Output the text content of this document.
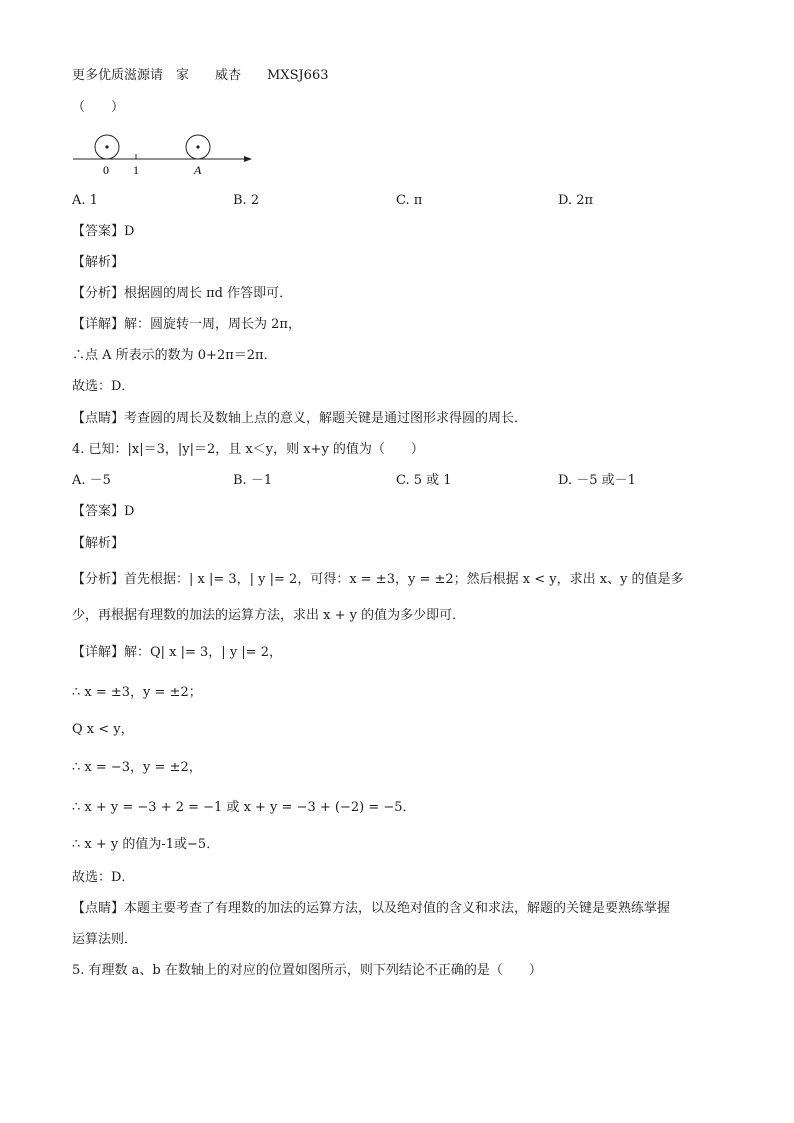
更多优质滋源请　家　　威杏　　MXSJ663
（　　）
0 1	A
A. 1	B. 2	C. π	D. 2π
【答案】D
【解析】
【分析】根据圆的周长 πd 作答即可．
【详解】解：圆旋转一周，周长为 2π，
∴点 A 所表示的数为 0+2π＝2π．
故选：D．
【点睛】考查圆的周长及数轴上点的意义，解题关键是通过图形求得圆的周长．
4. 已知：|x|＝3，|y|＝2，且 x＜y，则 x+y 的值为（　　）
A. －5	B. －1	C. 5 或 1	D. －5 或－1
【答案】D
【解析】
【分析】首先根据：| x |= 3，| y |= 2，可得：x = ±3，y = ±2；然后根据 x < y，求出 x、y 的值是多
少，再根据有理数的加法的运算方法，求出 x + y 的值为多少即可．
【详解】解：Q| x |= 3，| y |= 2，
∴ x = ±3，y = ±2；
Q x < y，
∴ x = −3，y = ±2，
∴ x + y = −3 + 2 = −1 或 x + y = −3 + (−2) = −5．
∴ x + y 的值为-1或−5．
故选：D．
【点睛】本题主要考查了有理数的加法的运算方法，以及绝对值的含义和求法，解题的关键是要熟练掌握
运算法则．
5. 有理数 a、b 在数轴上的对应的位置如图所示，则下列结论不正确的是（　　）
